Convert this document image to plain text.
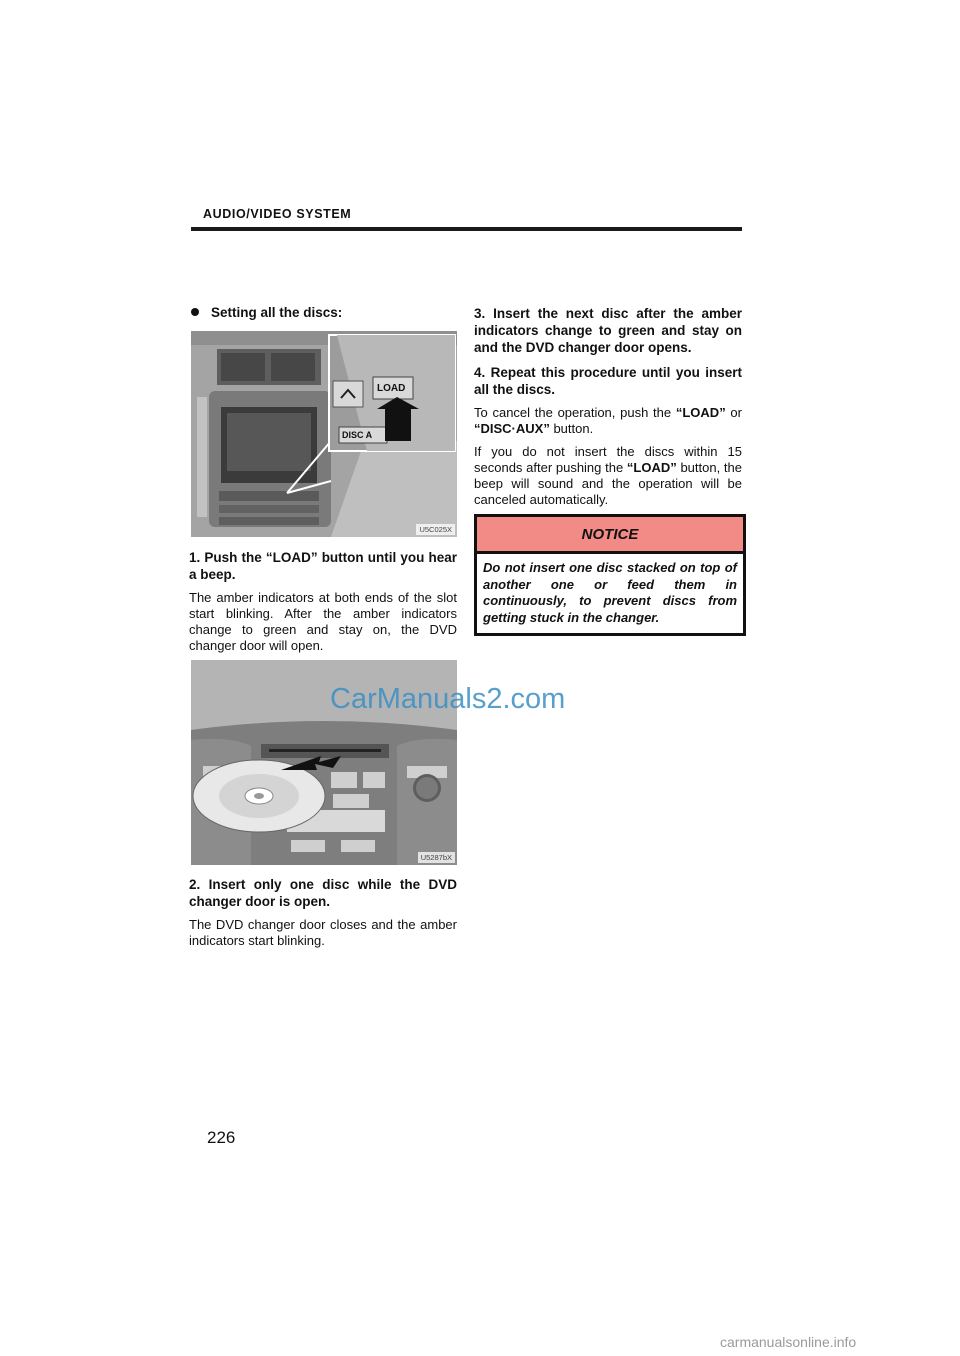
AUDIO/VIDEO SYSTEM
Setting all the discs:
LOAD
DISC A
U5C025X

1. Push the “LOAD” button until you hear a beep.

The amber indicators at both ends of the slot start blinking. After the amber indicators change to green and stay on, the DVD changer door will open.

U5287bX

2. Insert only one disc while the DVD changer door is open.

The DVD changer door closes and the amber indicators start blinking.

3. Insert the next disc after the amber indicators change to green and stay on and the DVD changer door opens.

4. Repeat this procedure until you insert all the discs.

To cancel the operation, push the “LOAD” or “DISC·AUX” button.

If you do not insert the discs within 15 seconds after pushing the “LOAD” button, the beep will sound and the operation will be canceled automatically.

NOTICE
Do not insert one disc stacked on top of another one or feed them in continuously, to prevent discs from getting stuck in the changer.
CarManuals2.com
226
carmanualsonline.info
